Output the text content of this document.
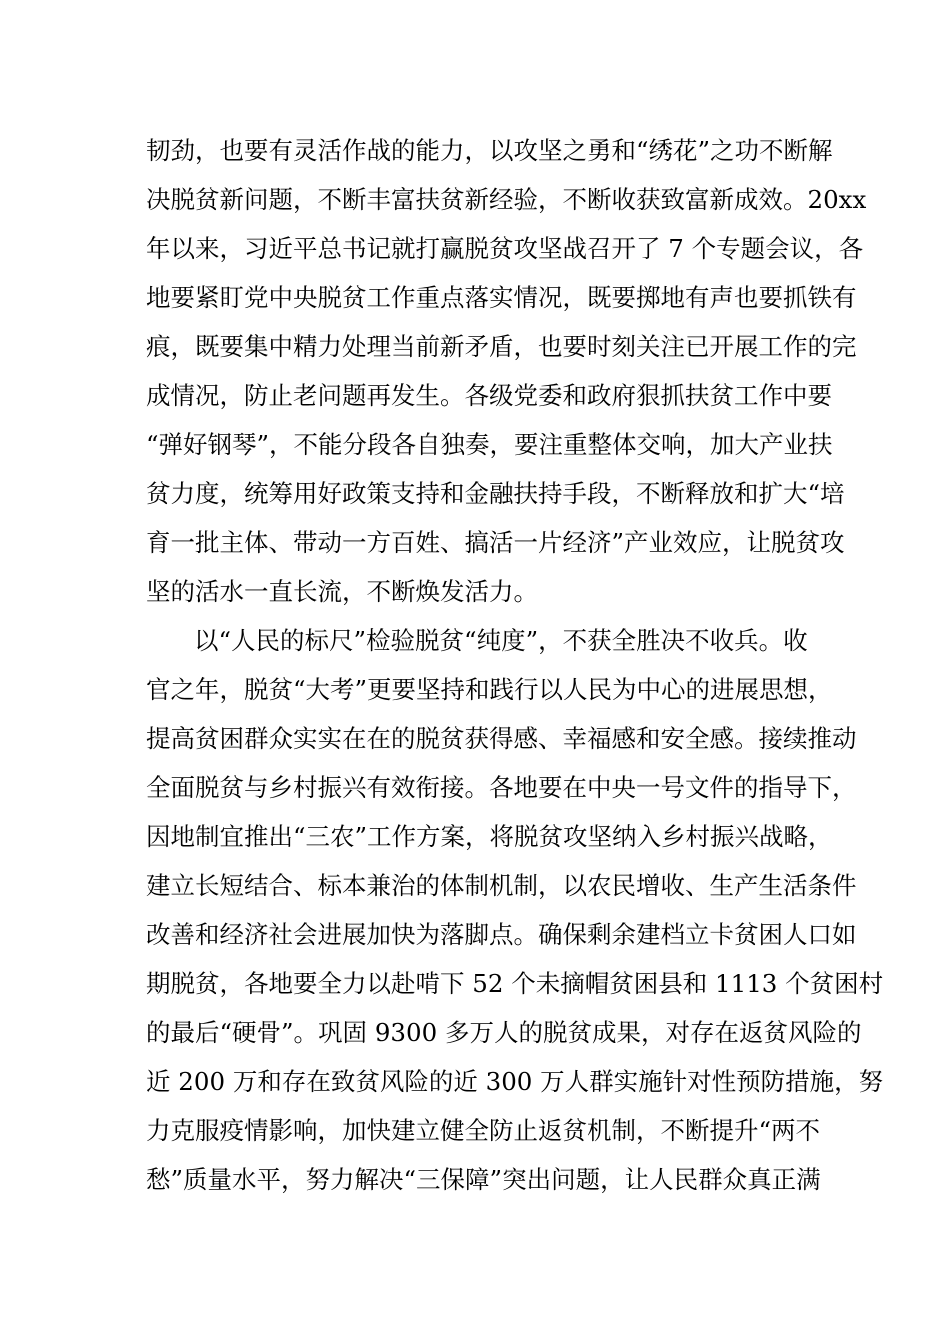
韧劲，也要有灵活作战的能力，以攻坚之勇和“绣花”之功不断解
决脱贫新问题，不断丰富扶贫新经验，不断收获致富新成效。20xx
年以来，习近平总书记就打赢脱贫攻坚战召开了 7 个专题会议，各
地要紧盯党中央脱贫工作重点落实情况，既要掷地有声也要抓铁有
痕，既要集中精力处理当前新矛盾，也要时刻关注已开展工作的完
成情况，防止老问题再发生。各级党委和政府狠抓扶贫工作中要
“弹好钢琴”，不能分段各自独奏，要注重整体交响，加大产业扶
贫力度，统筹用好政策支持和金融扶持手段，不断释放和扩大“培
育一批主体、带动一方百姓、搞活一片经济”产业效应，让脱贫攻
坚的活水一直长流，不断焕发活力。
以“人民的标尺”检验脱贫“纯度”，不获全胜决不收兵。收
官之年，脱贫“大考”更要坚持和践行以人民为中心的进展思想，
提高贫困群众实实在在的脱贫获得感、幸福感和安全感。接续推动
全面脱贫与乡村振兴有效衔接。各地要在中央一号文件的指导下，
因地制宜推出“三农”工作方案，将脱贫攻坚纳入乡村振兴战略，
建立长短结合、标本兼治的体制机制，以农民增收、生产生活条件
改善和经济社会进展加快为落脚点。确保剩余建档立卡贫困人口如
期脱贫，各地要全力以赴啃下 52 个未摘帽贫困县和 1113 个贫困村
的最后“硬骨”。巩固 9300 多万人的脱贫成果，对存在返贫风险的
近 200 万和存在致贫风险的近 300 万人群实施针对性预防措施，努
力克服疫情影响，加快建立健全防止返贫机制，不断提升“两不
愁”质量水平，努力解决“三保障”突出问题，让人民群众真正满
